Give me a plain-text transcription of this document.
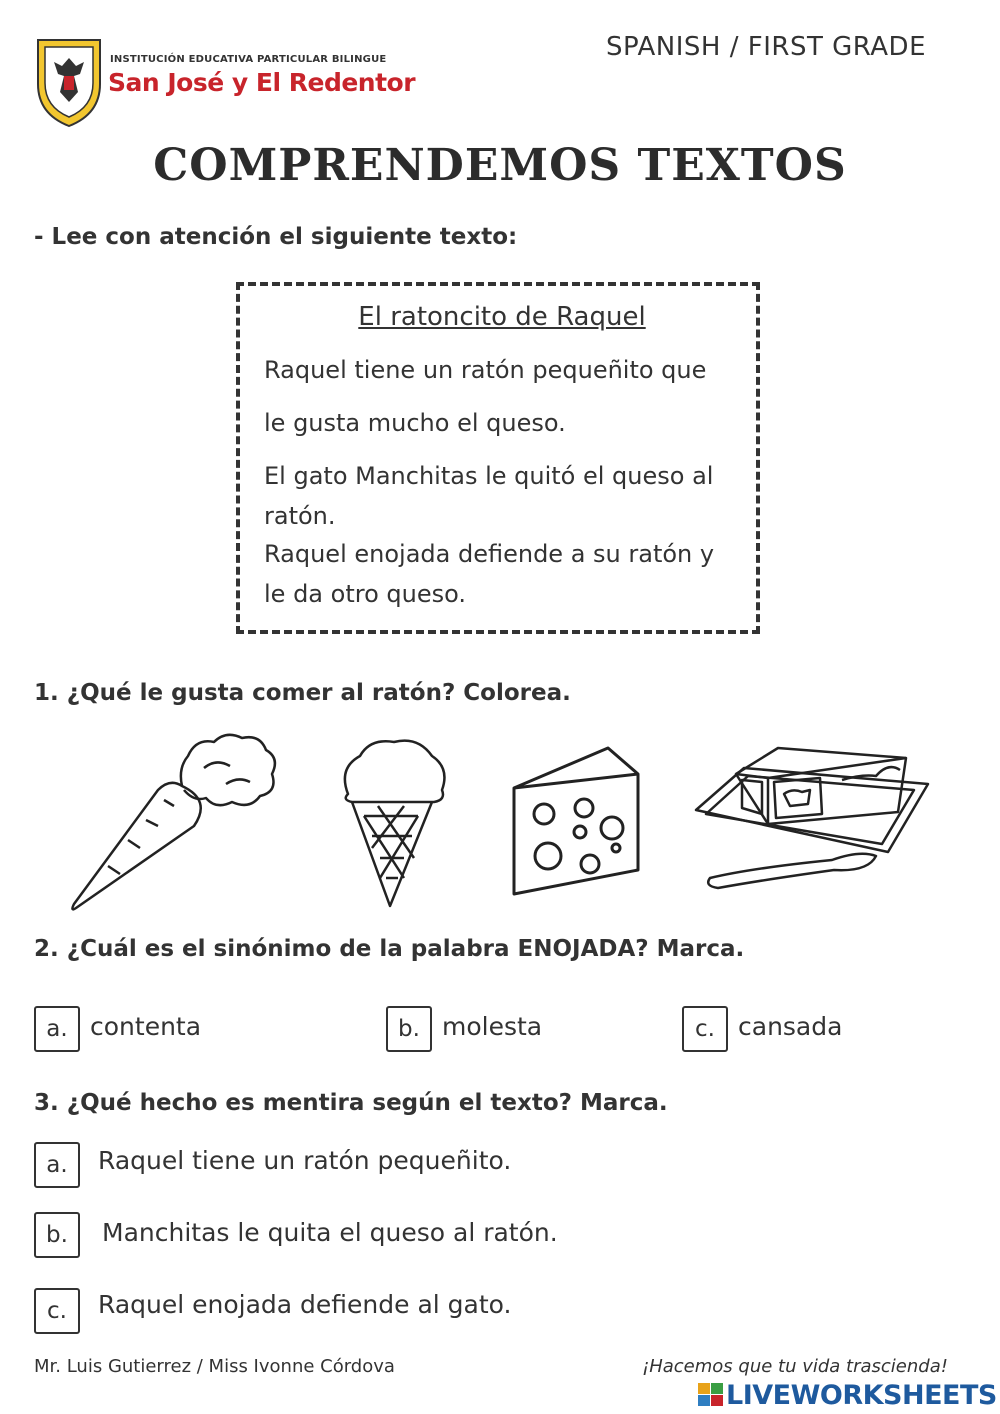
INSTITUCIÓN EDUCATIVA PARTICULAR BILINGUE
San José y El Redentor
SPANISH / FIRST GRADE
COMPRENDEMOS TEXTOS
- Lee con atención el siguiente texto:
El ratoncito de Raquel
Raquel tiene un ratón pequeñito que
le gusta mucho el queso.
El gato Manchitas le quitó el queso al
ratón.
Raquel enojada defiende a su ratón y
le da otro queso.
1. ¿Qué le gusta comer al ratón? Colorea.
2. ¿Cuál es el sinónimo de la palabra ENOJADA? Marca.
a. contenta	b. molesta	c. cansada
3. ¿Qué hecho es mentira según el texto? Marca.
a.	Raquel tiene un ratón pequeñito.
b.	Manchitas le quita el queso al ratón.
c.	Raquel enojada defiende al gato.
Mr. Luis Gutierrez / Miss Ivonne Córdova	¡Hacemos que tu vida trascienda!
LIVEWORKSHEETS
